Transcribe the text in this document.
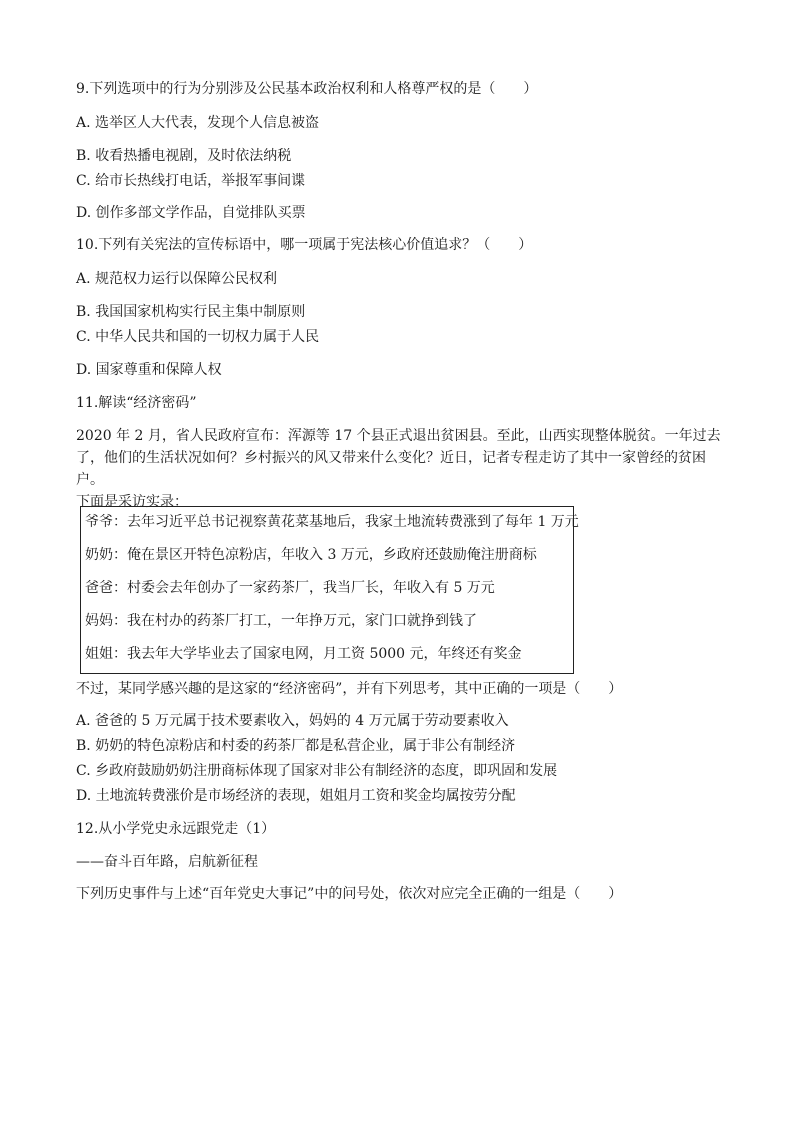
9.下列选项中的行为分别涉及公民基本政治权利和人格尊严权的是（　　）
A. 选举区人大代表，发现个人信息被盗
B. 收看热播电视剧，及时依法纳税
C. 给市长热线打电话，举报军事间谍
D. 创作多部文学作品，自觉排队买票
10.下列有关宪法的宣传标语中，哪一项属于宪法核心价值追求？（　　）
A. 规范权力运行以保障公民权利
B. 我国国家机构实行民主集中制原则
C. 中华人民共和国的一切权力属于人民
D. 国家尊重和保障人权
11.解读“经济密码”

2020 年 2 月，省人民政府宣布：浑源等 17 个县正式退出贫困县。至此，山西实现整体脱贫。一年过去了，他们的生活状况如何？乡村振兴的风又带来什么变化？近日，记者专程走访了其中一家曾经的贫困户。

下面是采访实录：

爷爷：去年习近平总书记视察黄花菜基地后，我家土地流转费涨到了每年 1 万元
奶奶：俺在景区开特色凉粉店，年收入 3 万元，乡政府还鼓励俺注册商标
爸爸：村委会去年创办了一家药茶厂，我当厂长，年收入有 5 万元
妈妈：我在村办的药茶厂打工，一年挣万元，家门口就挣到钱了
姐姐：我去年大学毕业去了国家电网，月工资 5000 元，年终还有奖金
不过，某同学感兴趣的是这家的“经济密码”，并有下列思考，其中正确的一项是（　　）
A. 爸爸的 5 万元属于技术要素收入，妈妈的 4 万元属于劳动要素收入
B. 奶奶的特色凉粉店和村委的药茶厂都是私营企业，属于非公有制经济
C. 乡政府鼓励奶奶注册商标体现了国家对非公有制经济的态度，即巩固和发展
D. 土地流转费涨价是市场经济的表现，姐姐月工资和奖金均属按劳分配
12.从小学党史永远跟党走（1）
——奋斗百年路，启航新征程
下列历史事件与上述“百年党史大事记”中的问号处，依次对应完全正确的一组是（　　）
